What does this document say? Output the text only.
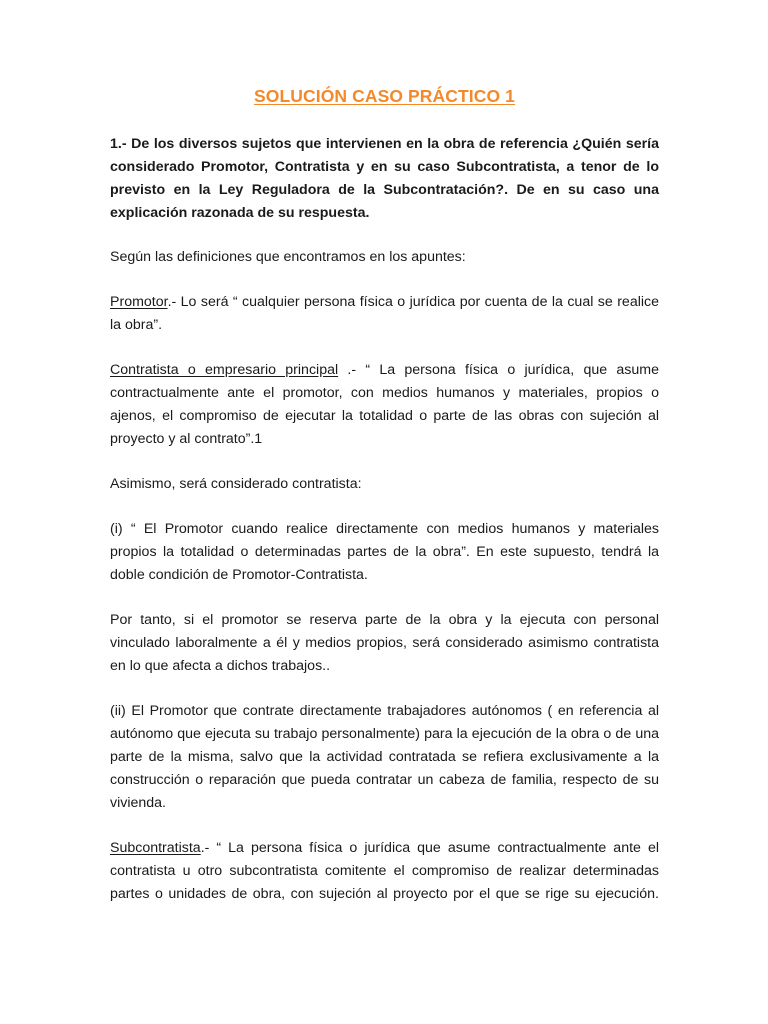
SOLUCIÓN CASO PRÁCTICO 1

1.- De los diversos sujetos que intervienen en la obra de referencia ¿Quién sería considerado Promotor, Contratista y en su caso Subcontratista, a tenor de lo previsto en la Ley Reguladora de la Subcontratación?. De en su caso una explicación razonada de su respuesta.

Según las definiciones que encontramos en los apuntes:

Promotor.- Lo será “ cualquier persona física o jurídica por cuenta de la cual se realice la obra”.

Contratista o empresario principal .- “ La persona física o jurídica, que asume contractualmente ante el promotor, con medios humanos y materiales, propios o ajenos, el compromiso de ejecutar la totalidad o parte de las obras con sujeción al proyecto y al contrato”.1

Asimismo, será considerado contratista:

(i) “ El Promotor cuando realice directamente con medios humanos y materiales propios la totalidad o determinadas partes de la obra”. En este supuesto, tendrá la doble condición de Promotor-Contratista.

Por tanto, si el promotor se reserva parte de la obra y la ejecuta con personal vinculado laboralmente a él y medios propios, será considerado asimismo contratista en lo que afecta a dichos trabajos..

(ii) El Promotor que contrate directamente trabajadores autónomos ( en referencia al autónomo que ejecuta su trabajo personalmente) para la ejecución de la obra o de una parte de la misma, salvo que la actividad contratada se refiera exclusivamente a la construcción o reparación que pueda contratar un cabeza de familia, respecto de su vivienda.

Subcontratista.- “ La persona física o jurídica que asume contractualmente ante el contratista u otro subcontratista comitente el compromiso de realizar determinadas partes o unidades de obra, con sujeción al proyecto por el que se rige su ejecución.
